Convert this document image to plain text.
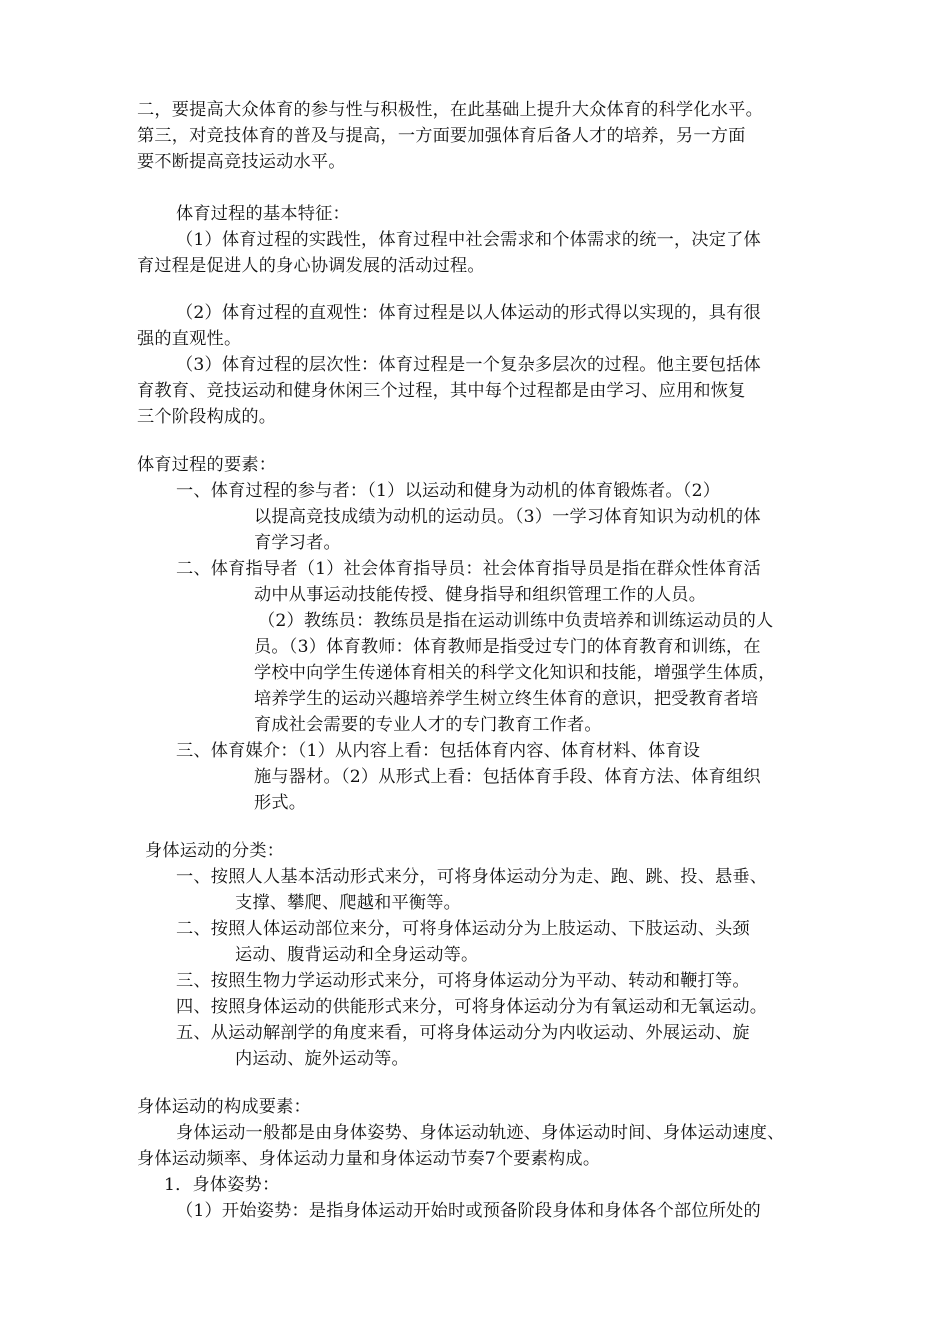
二，要提高大众体育的参与性与积极性，在此基础上提升大众体育的科学化水平。
第三，对竞技体育的普及与提高，一方面要加强体育后备人才的培养，另一方面
要不断提高竞技运动水平。
体育过程的基本特征：
（1）体育过程的实践性，体育过程中社会需求和个体需求的统一，决定了体
育过程是促进人的身心协调发展的活动过程。
（2）体育过程的直观性：体育过程是以人体运动的形式得以实现的，具有很
强的直观性。
（3）体育过程的层次性：体育过程是一个复杂多层次的过程。他主要包括体
育教育、竞技运动和健身休闲三个过程，其中每个过程都是由学习、应用和恢复
三个阶段构成的。
体育过程的要素：
一、体育过程的参与者：（1）以运动和健身为动机的体育锻炼者。（2）
以提高竞技成绩为动机的运动员。（3）一学习体育知识为动机的体
育学习者。
二、体育指导者（1）社会体育指导员：社会体育指导员是指在群众性体育活
动中从事运动技能传授、健身指导和组织管理工作的人员。
（2）教练员：教练员是指在运动训练中负责培养和训练运动员的人
员。（3）体育教师：体育教师是指受过专门的体育教育和训练，在
学校中向学生传递体育相关的科学文化知识和技能，增强学生体质，
培养学生的运动兴趣培养学生树立终生体育的意识，把受教育者培
育成社会需要的专业人才的专门教育工作者。
三、体育媒介：（1）从内容上看：包括体育内容、体育材料、体育设
施与器材。（2）从形式上看：包括体育手段、体育方法、体育组织
形式。
身体运动的分类：
一、按照人人基本活动形式来分，可将身体运动分为走、跑、跳、投、悬垂、
支撑、攀爬、爬越和平衡等。
二、按照人体运动部位来分，可将身体运动分为上肢运动、下肢运动、头颈
运动、腹背运动和全身运动等。
三、按照生物力学运动形式来分，可将身体运动分为平动、转动和鞭打等。
四、按照身体运动的供能形式来分，可将身体运动分为有氧运动和无氧运动。
五、从运动解剖学的角度来看，可将身体运动分为内收运动、外展运动、旋
内运动、旋外运动等。
身体运动的构成要素：
身体运动一般都是由身体姿势、身体运动轨迹、身体运动时间、身体运动速度、
身体运动频率、身体运动力量和身体运动节奏7个要素构成。
1．身体姿势：
（1）开始姿势：是指身体运动开始时或预备阶段身体和身体各个部位所处的
